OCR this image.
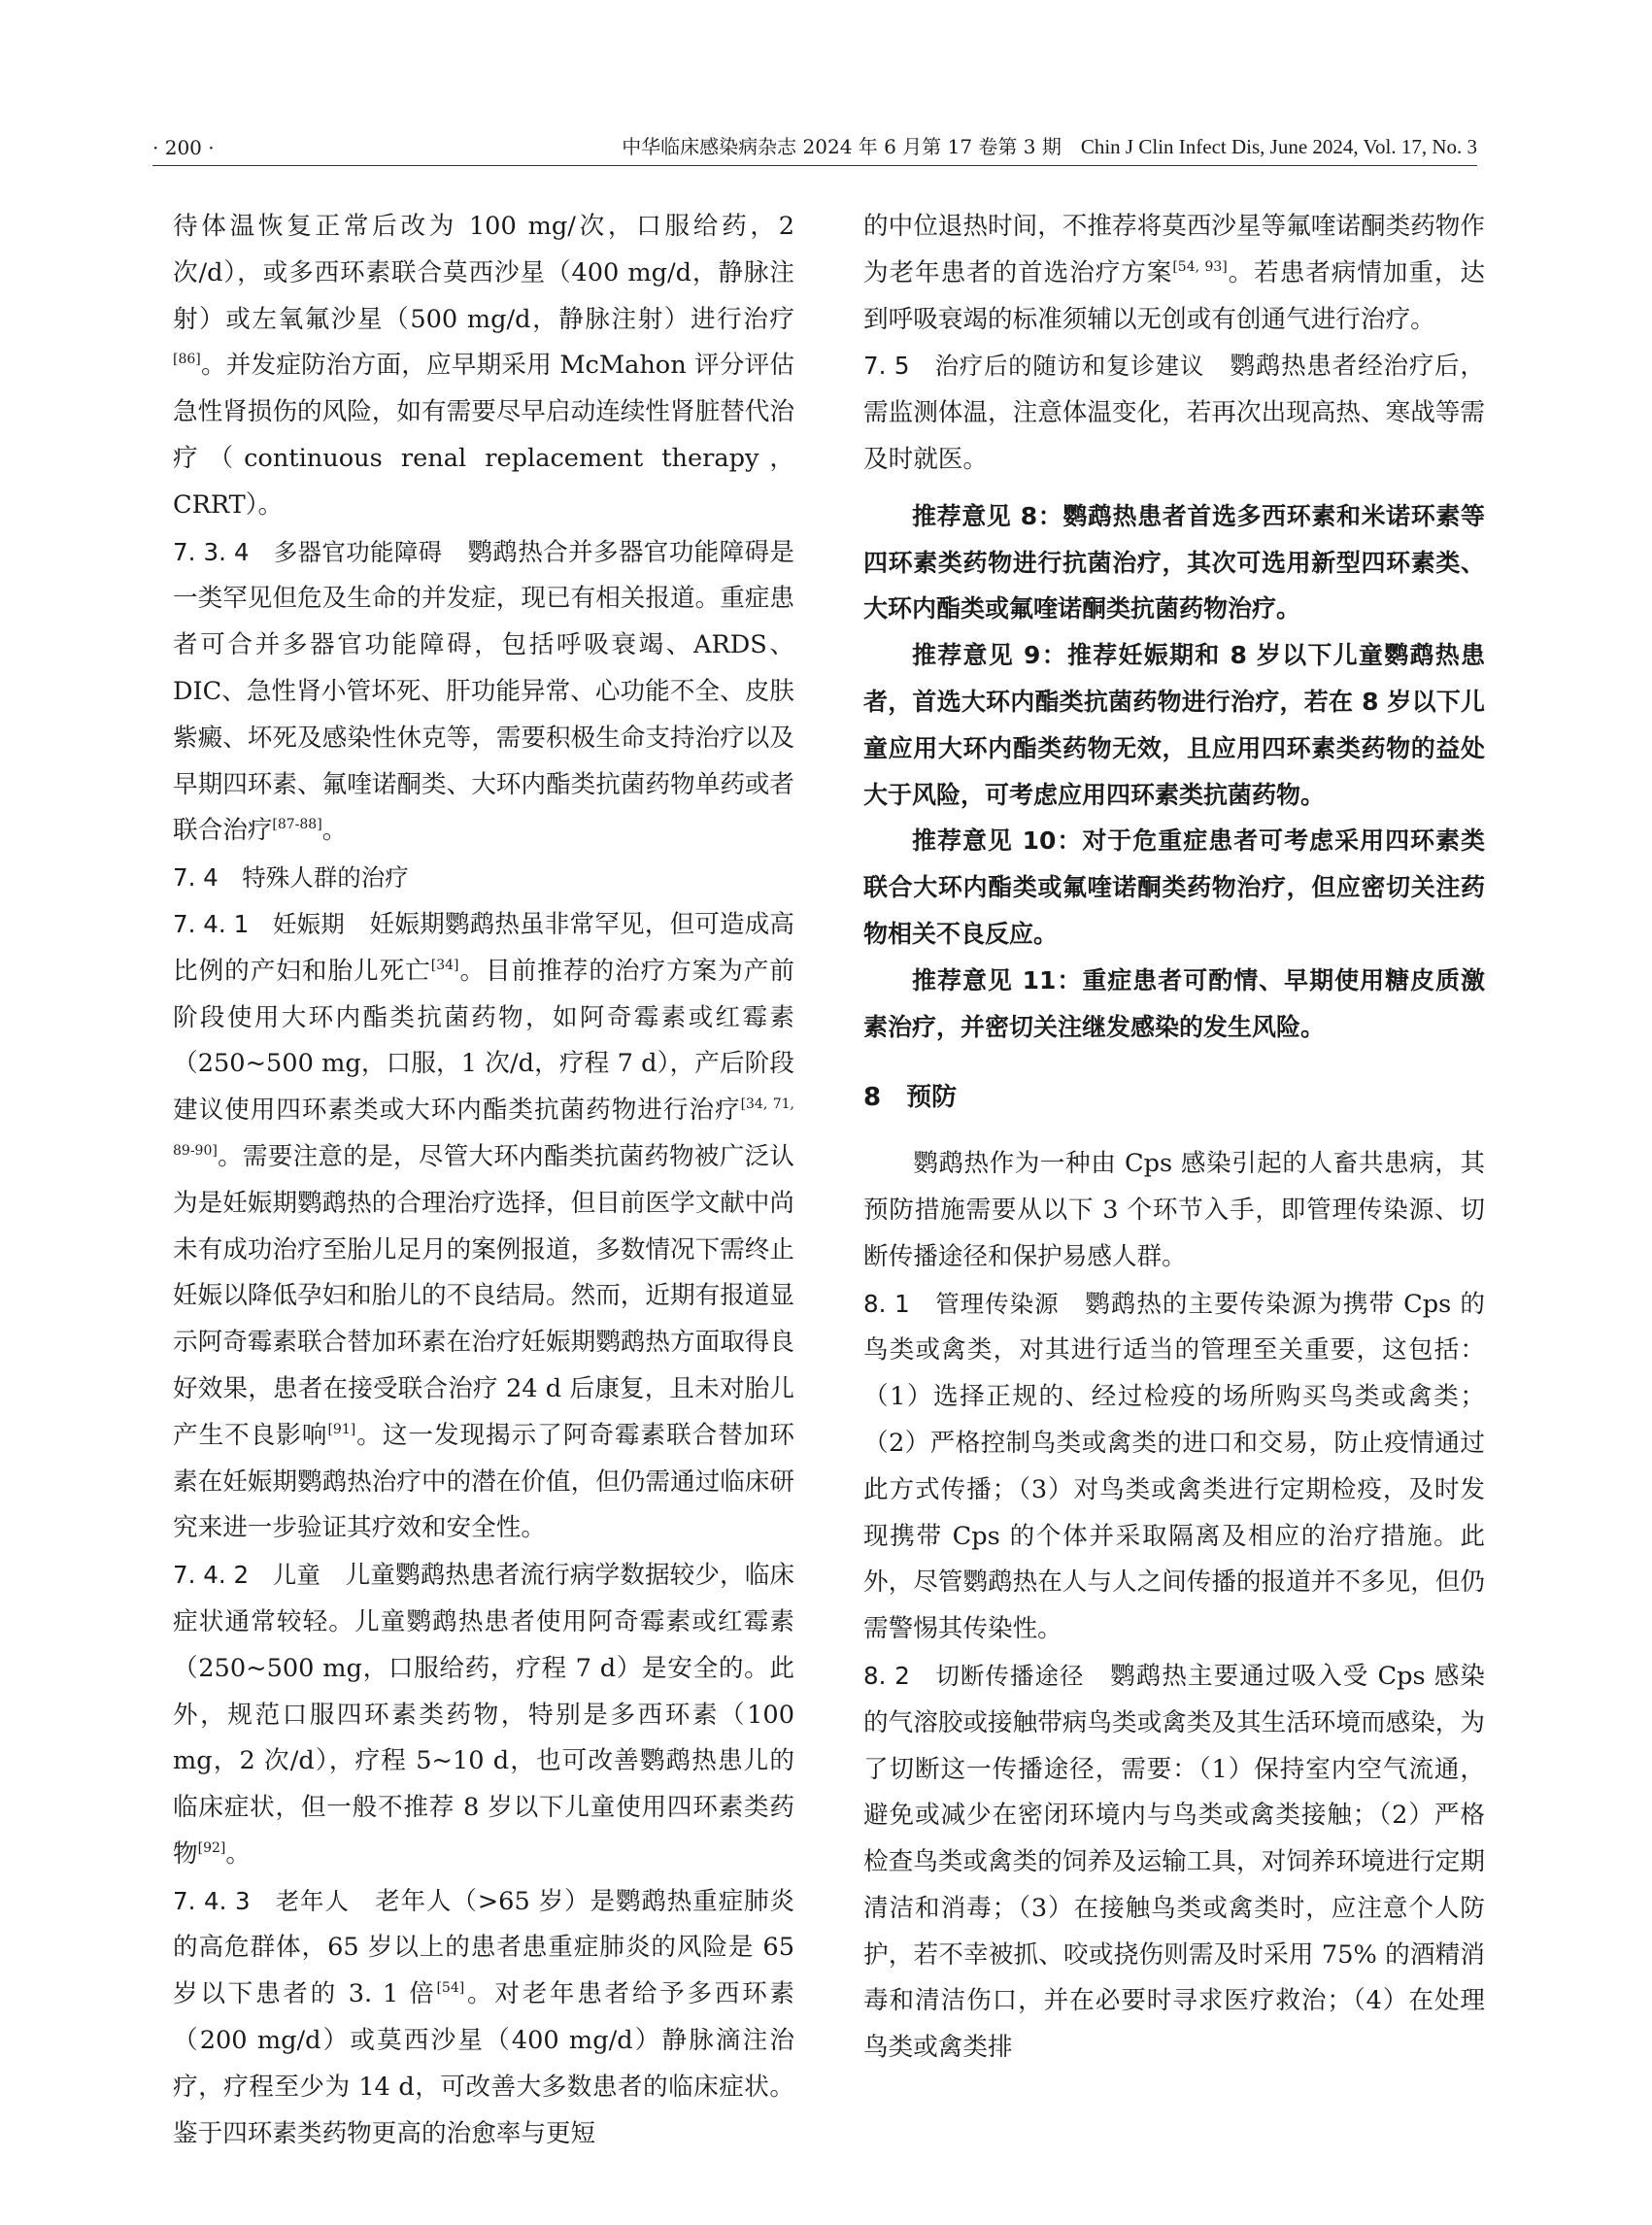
· 200 ·	中华临床感染病杂志 2024 年 6 月第 17 卷第 3 期　 Chin J Clin Infect Dis, June 2024, Vol. 17, No. 3

待体温恢复正常后改为 100 mg/次，口服给药，2 次/d），或多西环素联合莫西沙星（400 mg/d，静脉注射）或左氧氟沙星（500 mg/d，静脉注射）进行治疗[86]。并发症防治方面，应早期采用 McMahon 评分评估急性肾损伤的风险，如有需要尽早启动连续性肾脏替代治疗（continuous renal replacement therapy，CRRT）。

7. 3. 4　多器官功能障碍　鹦鹉热合并多器官功能障碍是一类罕见但危及生命的并发症，现已有相关报道。重症患者可合并多器官功能障碍，包括呼吸衰竭、ARDS、DIC、急性肾小管坏死、肝功能异常、心功能不全、皮肤紫癜、坏死及感染性休克等，需要积极生命支持治疗以及早期四环素、氟喹诺酮类、大环内酯类抗菌药物单药或者联合治疗[87-88]。

7. 4　特殊人群的治疗

7. 4. 1　妊娠期　妊娠期鹦鹉热虽非常罕见，但可造成高比例的产妇和胎儿死亡[34]。目前推荐的治疗方案为产前阶段使用大环内酯类抗菌药物，如阿奇霉素或红霉素（250~500 mg，口服，1 次/d，疗程 7 d），产后阶段建议使用四环素类或大环内酯类抗菌药物进行治疗[34, 71, 89-90]。需要注意的是，尽管大环内酯类抗菌药物被广泛认为是妊娠期鹦鹉热的合理治疗选择，但目前医学文献中尚未有成功治疗至胎儿足月的案例报道，多数情况下需终止妊娠以降低孕妇和胎儿的不良结局。然而，近期有报道显示阿奇霉素联合替加环素在治疗妊娠期鹦鹉热方面取得良好效果，患者在接受联合治疗 24 d 后康复，且未对胎儿产生不良影响[91]。这一发现揭示了阿奇霉素联合替加环素在妊娠期鹦鹉热治疗中的潜在价值，但仍需通过临床研究来进一步验证其疗效和安全性。

7. 4. 2　儿童　儿童鹦鹉热患者流行病学数据较少，临床症状通常较轻。儿童鹦鹉热患者使用阿奇霉素或红霉素（250~500 mg，口服给药，疗程 7 d）是安全的。此外，规范口服四环素类药物，特别是多西环素（100 mg，2 次/d），疗程 5~10 d，也可改善鹦鹉热患儿的临床症状，但一般不推荐 8 岁以下儿童使用四环素类药物[92]。

7. 4. 3　老年人　老年人（>65 岁）是鹦鹉热重症肺炎的高危群体，65 岁以上的患者患重症肺炎的风险是 65 岁以下患者的 3. 1 倍[54]。对老年患者给予多西环素（200 mg/d）或莫西沙星（400 mg/d）静脉滴注治疗，疗程至少为 14 d，可改善大多数患者的临床症状。鉴于四环素类药物更高的治愈率与更短

的中位退热时间，不推荐将莫西沙星等氟喹诺酮类药物作为老年患者的首选治疗方案[54, 93]。若患者病情加重，达到呼吸衰竭的标准须辅以无创或有创通气进行治疗。

7. 5　治疗后的随访和复诊建议　鹦鹉热患者经治疗后，需监测体温，注意体温变化，若再次出现高热、寒战等需及时就医。

推荐意见 8：鹦鹉热患者首选多西环素和米诺环素等四环素类药物进行抗菌治疗，其次可选用新型四环素类、大环内酯类或氟喹诺酮类抗菌药物治疗。

推荐意见 9：推荐妊娠期和 8 岁以下儿童鹦鹉热患者，首选大环内酯类抗菌药物进行治疗，若在 8 岁以下儿童应用大环内酯类药物无效，且应用四环素类药物的益处大于风险，可考虑应用四环素类抗菌药物。

推荐意见 10：对于危重症患者可考虑采用四环素类联合大环内酯类或氟喹诺酮类药物治疗，但应密切关注药物相关不良反应。

推荐意见 11：重症患者可酌情、早期使用糖皮质激素治疗，并密切关注继发感染的发生风险。

8　预防

鹦鹉热作为一种由 Cps 感染引起的人畜共患病，其预防措施需要从以下 3 个环节入手，即管理传染源、切断传播途径和保护易感人群。

8. 1　管理传染源　鹦鹉热的主要传染源为携带 Cps 的鸟类或禽类，对其进行适当的管理至关重要，这包括：（1）选择正规的、经过检疫的场所购买鸟类或禽类；（2）严格控制鸟类或禽类的进口和交易，防止疫情通过此方式传播；（3）对鸟类或禽类进行定期检疫，及时发现携带 Cps 的个体并采取隔离及相应的治疗措施。此外，尽管鹦鹉热在人与人之间传播的报道并不多见，但仍需警惕其传染性。

8. 2　切断传播途径　鹦鹉热主要通过吸入受 Cps 感染的气溶胶或接触带病鸟类或禽类及其生活环境而感染，为了切断这一传播途径，需要：（1）保持室内空气流通，避免或减少在密闭环境内与鸟类或禽类接触；（2）严格检查鸟类或禽类的饲养及运输工具，对饲养环境进行定期清洁和消毒；（3）在接触鸟类或禽类时，应注意个人防护，若不幸被抓、咬或挠伤则需及时采用 75% 的酒精消毒和清洁伤口，并在必要时寻求医疗救治；（4）在处理鸟类或禽类排
